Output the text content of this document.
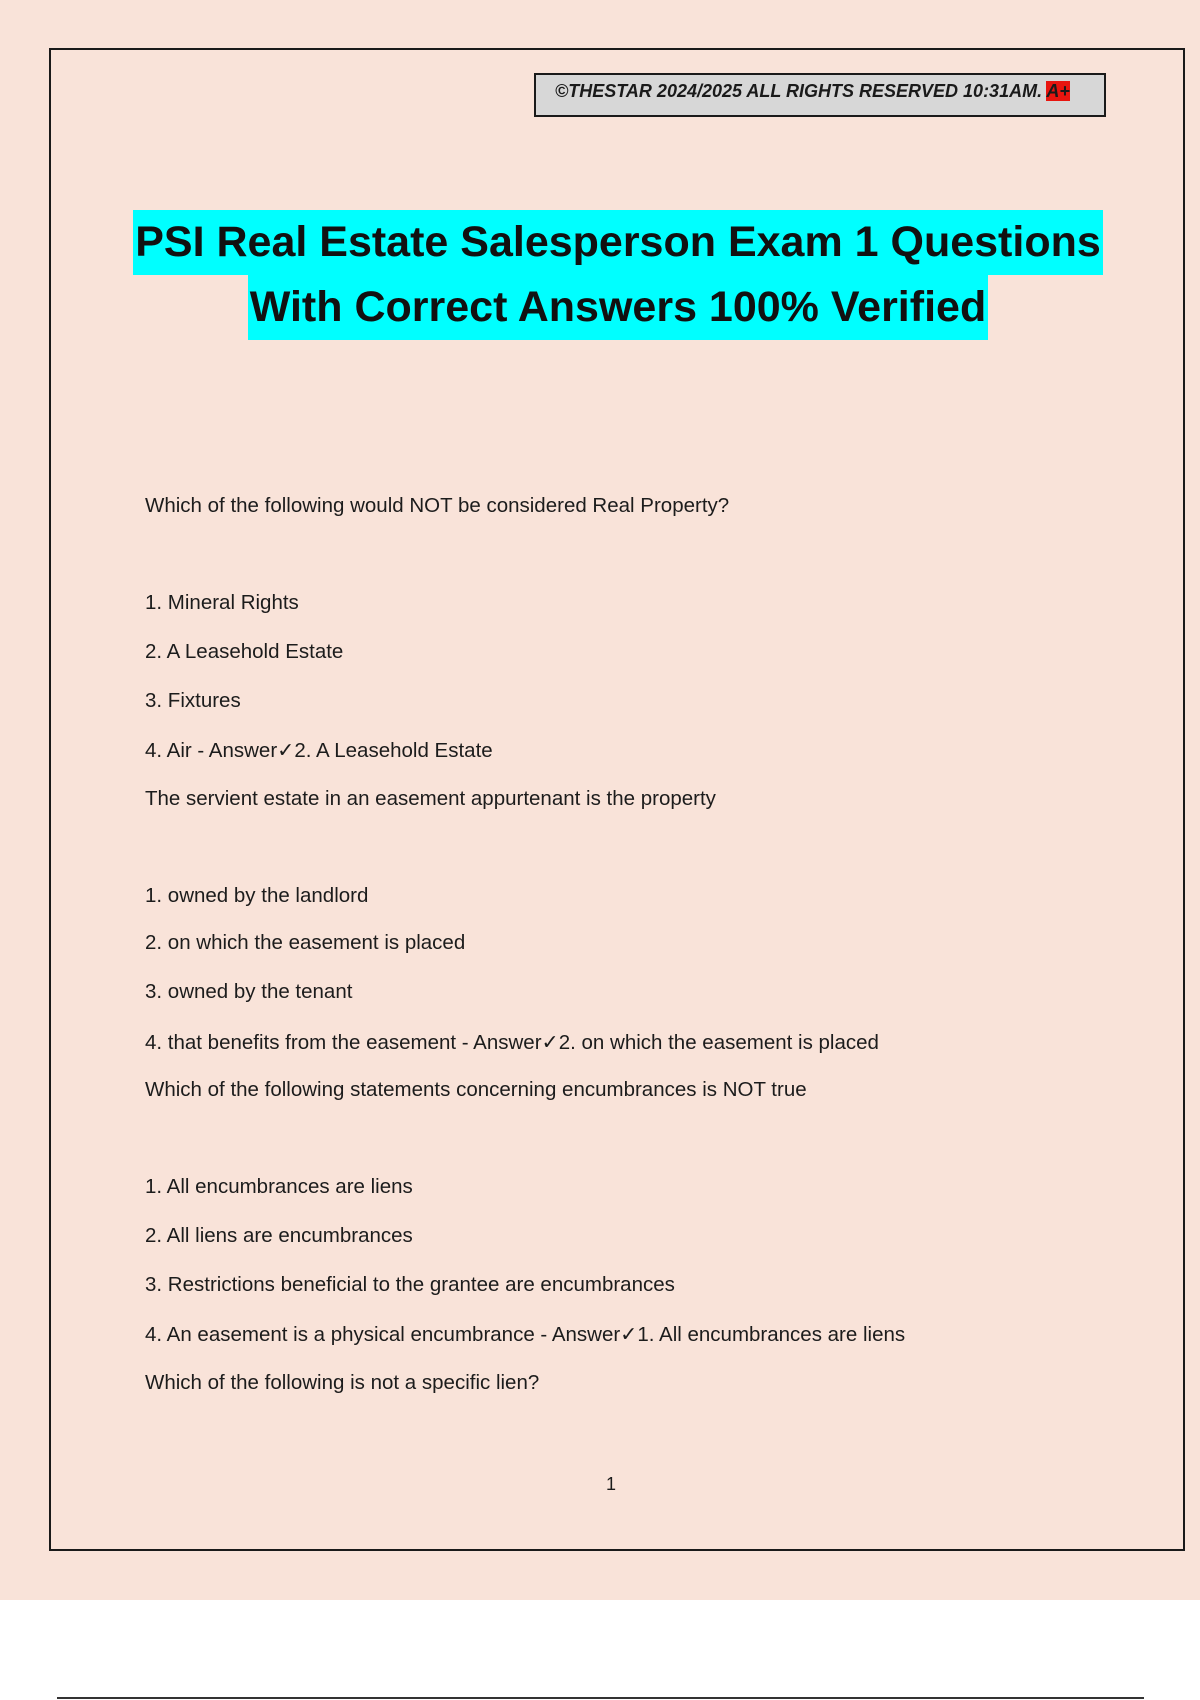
©THESTAR 2024/2025 ALL RIGHTS RESERVED 10:31AM. A+
PSI Real Estate Salesperson Exam 1 Questions
With Correct Answers 100% Verified
Which of the following would NOT be considered Real Property?
1. Mineral Rights
2. A Leasehold Estate
3. Fixtures
4. Air - Answer✓2. A Leasehold Estate
The servient estate in an easement appurtenant is the property
1. owned by the landlord
2. on which the easement is placed
3. owned by the tenant
4. that benefits from the easement - Answer✓2. on which the easement is placed
Which of the following statements concerning encumbrances is NOT true
1. All encumbrances are liens
2. All liens are encumbrances
3. Restrictions beneficial to the grantee are encumbrances
4. An easement is a physical encumbrance - Answer✓1. All encumbrances are liens
Which of the following is not a specific lien?
1
